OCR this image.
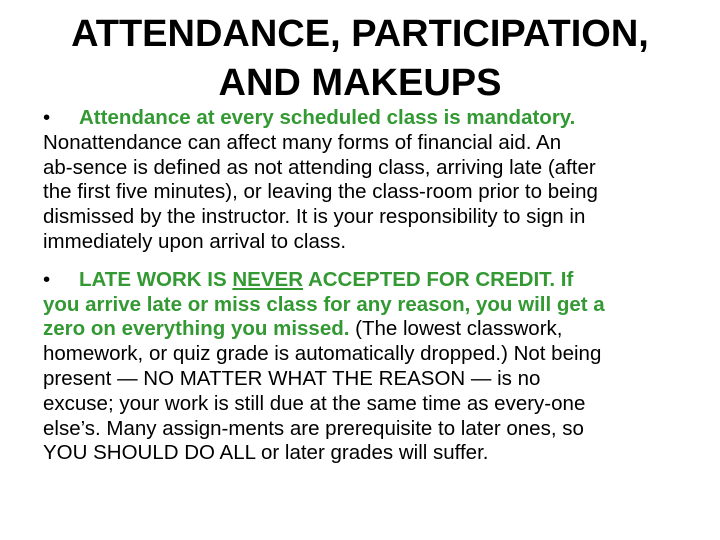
ATTENDANCE, PARTICIPATION,
AND MAKEUPS

• Attendance at every scheduled class is mandatory.
Nonattendance can affect many forms of financial aid. An
ab-sence is defined as not attending class, arriving late (after
the first five minutes), or leaving the class-room prior to being
dismissed by the instructor. It is your responsibility to sign in
immediately upon arrival to class.

• LATE WORK IS NEVER ACCEPTED FOR CREDIT. If
you arrive late or miss class for any reason, you will get a
zero on everything you missed. (The lowest classwork,
homework, or quiz grade is automatically dropped.) Not being
present — NO MATTER WHAT THE REASON — is no
excuse; your work is still due at the same time as every-one
else’s. Many assign-ments are prerequisite to later ones, so
YOU SHOULD DO ALL or later grades will suffer.
